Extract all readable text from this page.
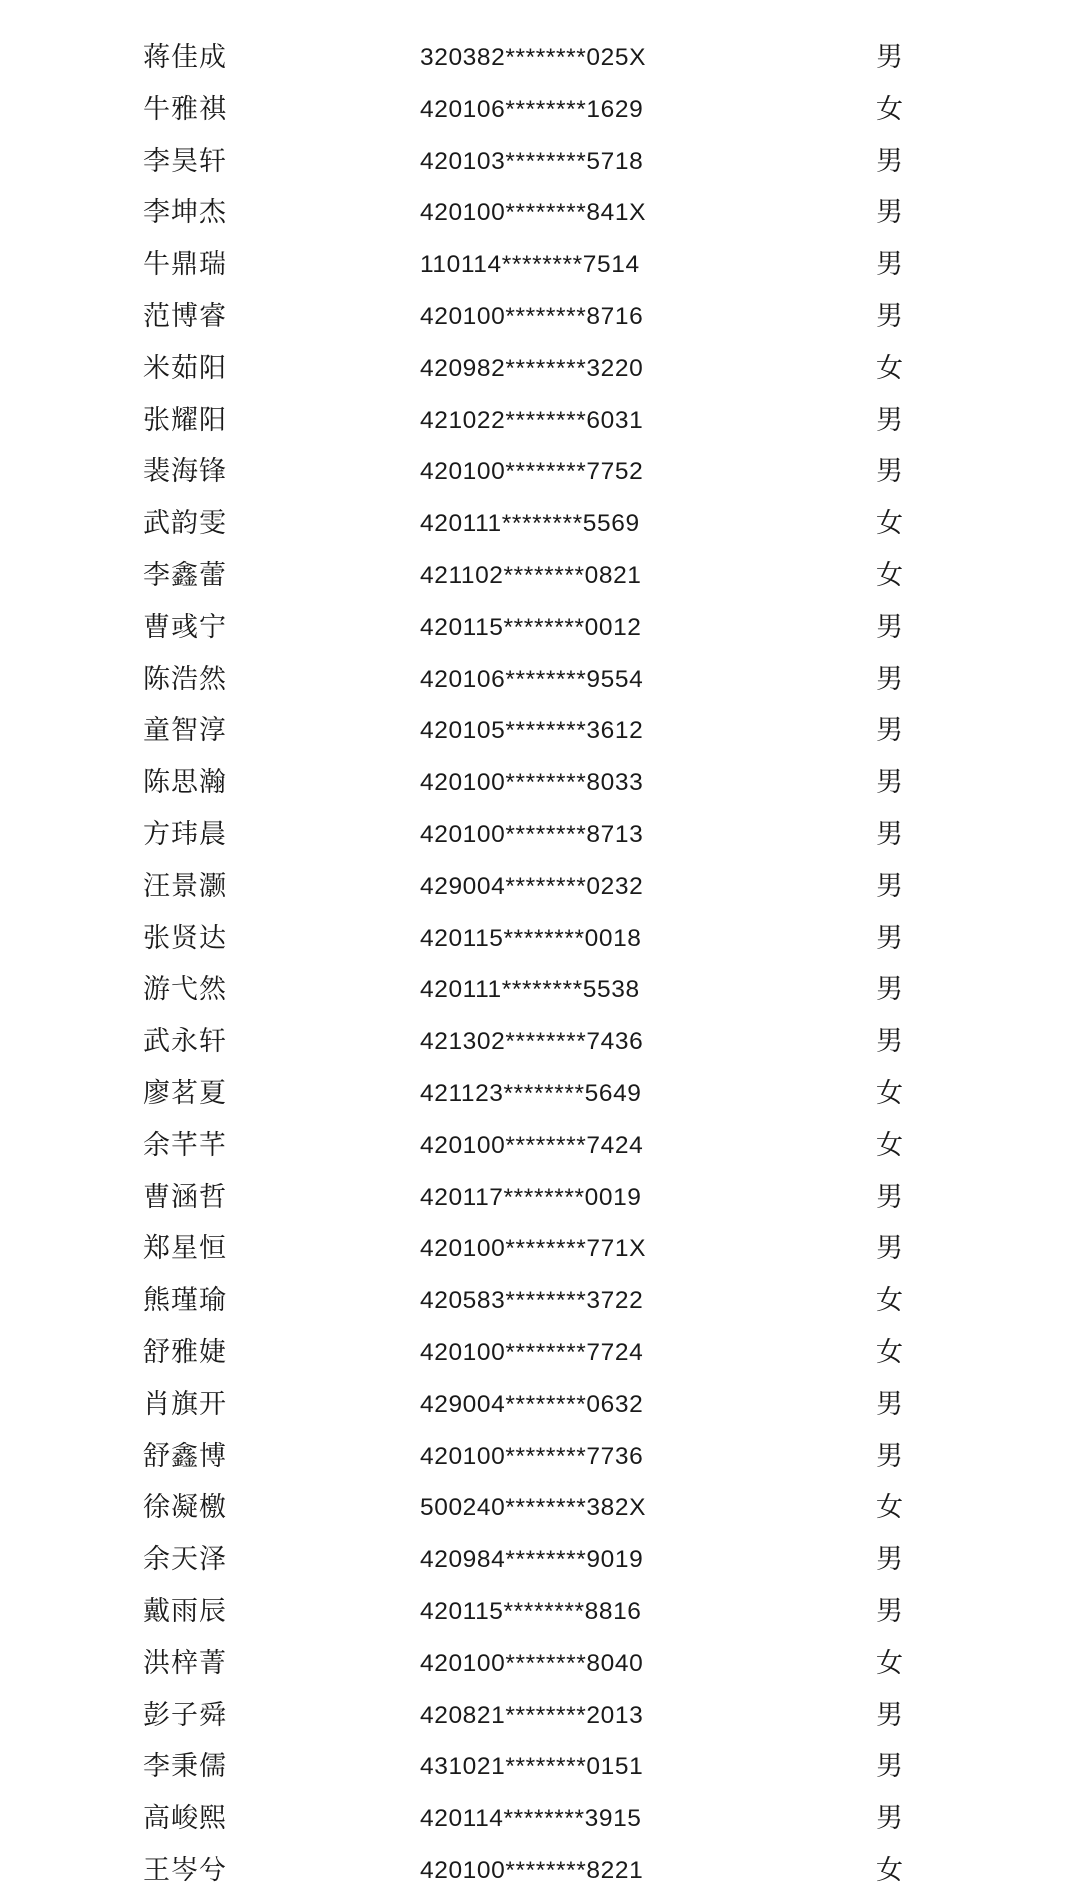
蒋佳成	320382********025X	男
牛雅祺	420106********1629	女
李昊轩	420103********5718	男
李坤杰	420100********841X	男
牛鼎瑞	110114********7514	男
范博睿	420100********8716	男
米茹阳	420982********3220	女
张耀阳	421022********6031	男
裴海锋	420100********7752	男
武韵雯	420111********5569	女
李鑫蕾	421102********0821	女
曹彧宁	420115********0012	男
陈浩然	420106********9554	男
童智淳	420105********3612	男
陈思瀚	420100********8033	男
方玮晨	420100********8713	男
汪景灏	429004********0232	男
张贤达	420115********0018	男
游弋然	420111********5538	男
武永轩	421302********7436	男
廖茗夏	421123********5649	女
余芊芊	420100********7424	女
曹涵哲	420117********0019	男
郑星恒	420100********771X	男
熊瑾瑜	420583********3722	女
舒雅婕	420100********7724	女
肖旗开	429004********0632	男
舒鑫博	420100********7736	男
徐凝檄	500240********382X	女
余天泽	420984********9019	男
戴雨辰	420115********8816	男
洪梓菁	420100********8040	女
彭子舜	420821********2013	男
李秉儒	431021********0151	男
高峻熙	420114********3915	男
王岑兮	420100********8221	女
